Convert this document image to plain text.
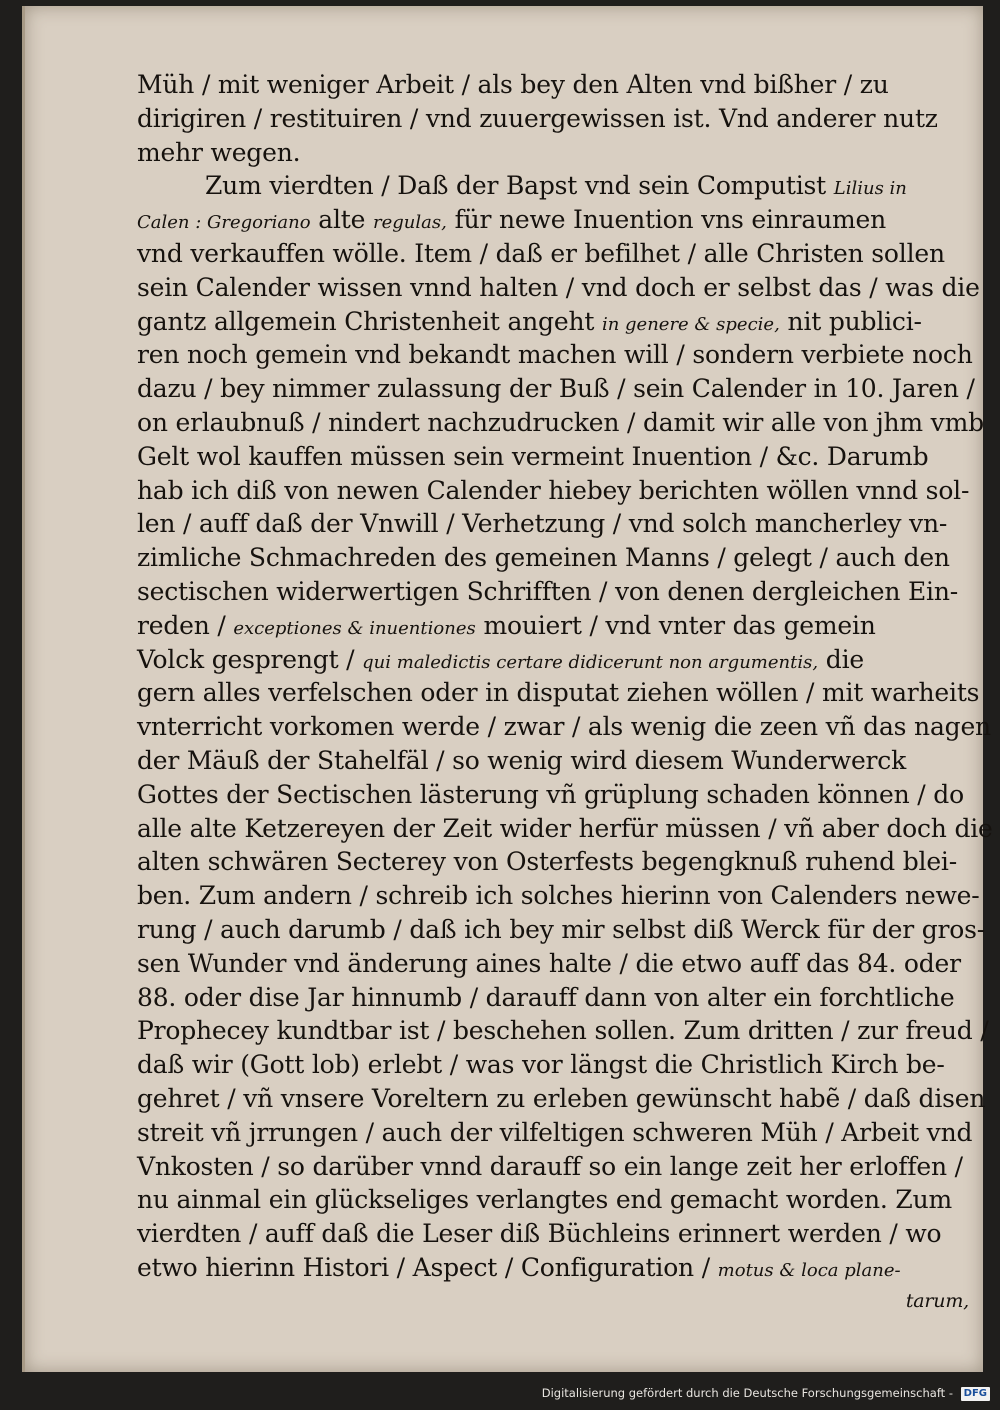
Müh / mit weniger Arbeit / als bey den Alten vnd bißher / zu
dirigiren / restituiren / vnd zuuergewissen ist. Vnd anderer nutz
mehr wegen.
Zum vierdten / Daß der Bapst vnd sein Computist Lilius in
Calen : Gregoriano alte regulas, für newe Inuention vns einraumen
vnd verkauffen wölle. Item / daß er befilhet / alle Christen sollen
sein Calender wissen vnnd halten / vnd doch er selbst das / was die
gantz allgemein Christenheit angeht in genere & specie, nit publici-
ren noch gemein vnd bekandt machen will / sondern verbiete noch
dazu / bey nimmer zulassung der Buß / sein Calender in 10. Jaren /
on erlaubnuß / nindert nachzudrucken / damit wir alle von jhm vmb
Gelt wol kauffen müssen sein vermeint Inuention / &c. Darumb
hab ich diß von newen Calender hiebey berichten wöllen vnnd sol-
len / auff daß der Vnwill / Verhetzung / vnd solch mancherley vn-
zimliche Schmachreden des gemeinen Manns / gelegt / auch den
sectischen widerwertigen Schrifften / von denen dergleichen Ein-
reden / exceptiones & inuentiones mouiert / vnd vnter das gemein
Volck gesprengt / qui maledictis certare didicerunt non argumentis, die
gern alles verfelschen oder in disputat ziehen wöllen / mit warheits
vnterricht vorkomen werde / zwar / als wenig die zeen vñ das nagen
der Mäuß der Stahelfäl / so wenig wird diesem Wunderwerck
Gottes der Sectischen lästerung vñ grüplung schaden können / do
alle alte Ketzereyen der Zeit wider herfür müssen / vñ aber doch die
alten schwären Secterey von Osterfests begengknuß ruhend blei-
ben. Zum andern / schreib ich solches hierinn von Calenders newe-
rung / auch darumb / daß ich bey mir selbst diß Werck für der gros-
sen Wunder vnd änderung aines halte / die etwo auff das 84. oder
88. oder dise Jar hinnumb / darauff dann von alter ein forchtliche
Prophecey kundtbar ist / beschehen sollen. Zum dritten / zur freud /
daß wir (Gott lob) erlebt / was vor längst die Christlich Kirch be-
gehret / vñ vnsere Voreltern zu erleben gewünscht habẽ / daß disen
streit vñ jrrungen / auch der vilfeltigen schweren Müh / Arbeit vnd
Vnkosten / so darüber vnnd darauff so ein lange zeit her erloffen /
nu ainmal ein glückseliges verlangtes end gemacht worden. Zum
vierdten / auff daß die Leser diß Büchleins erinnert werden / wo
etwo hierinn Histori / Aspect / Configuration / motus & loca plane-
tarum,
Digitalisierung gefördert durch die Deutsche Forschungsgemeinschaft - DFG
